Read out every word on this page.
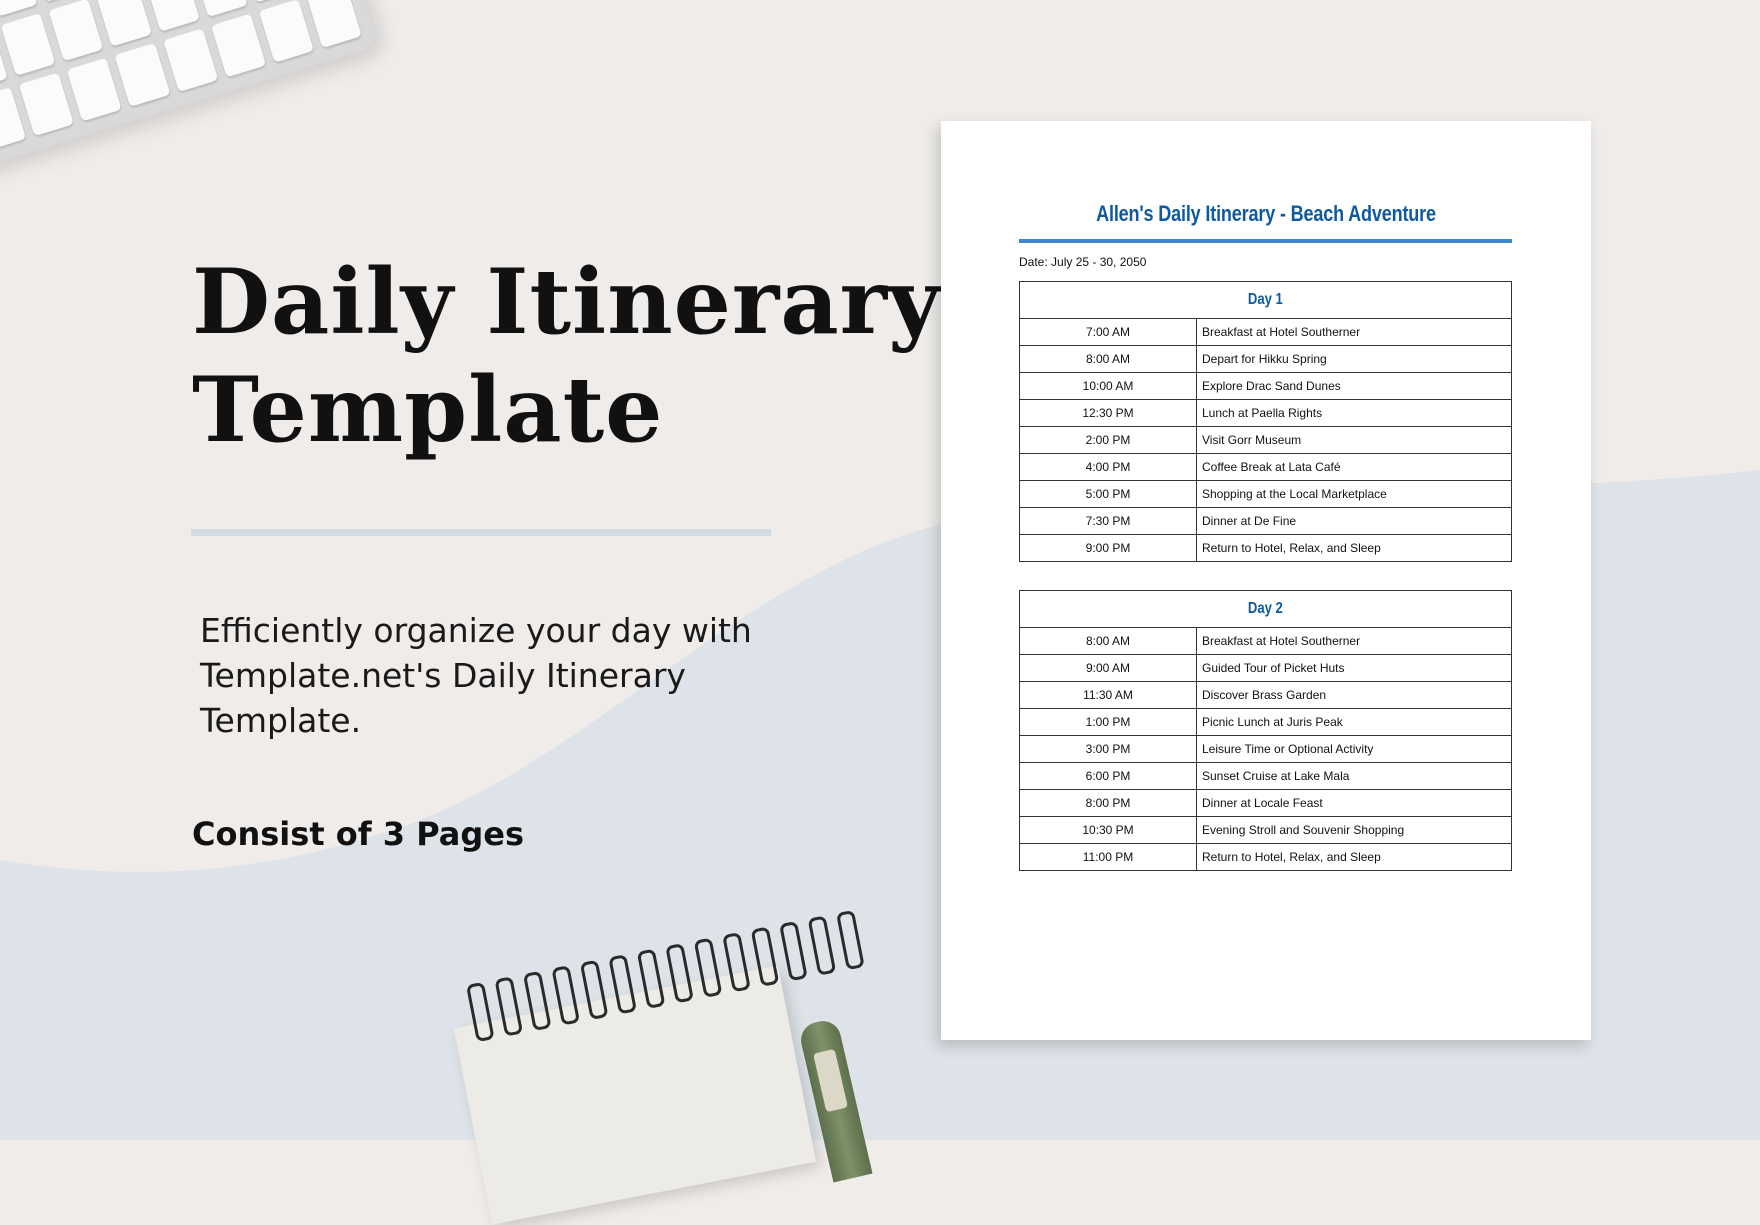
Daily Itinerary
Template

Efficiently organize your day with Template.net's Daily Itinerary Template.

Consist of 3 Pages
Allen's Daily Itinerary - Beach Adventure
Date: July 25 - 30, 2050
Day 1	
7:00 AM	Breakfast at Hotel Southerner
8:00 AM	Depart for Hikku Spring
10:00 AM	Explore Drac Sand Dunes
12:30 PM	Lunch at Paella Rights
2:00 PM	Visit Gorr Museum
4:00 PM	Coffee Break at Lata Café
5:00 PM	Shopping at the Local Marketplace
7:30 PM	Dinner at De Fine
9:00 PM	Return to Hotel, Relax, and Sleep
Day 2	
8:00 AM	Breakfast at Hotel Southerner
9:00 AM	Guided Tour of Picket Huts
11:30 AM	Discover Brass Garden
1:00 PM	Picnic Lunch at Juris Peak
3:00 PM	Leisure Time or Optional Activity
6:00 PM	Sunset Cruise at Lake Mala
8:00 PM	Dinner at Locale Feast
10:30 PM	Evening Stroll and Souvenir Shopping
11:00 PM	Return to Hotel, Relax, and Sleep
